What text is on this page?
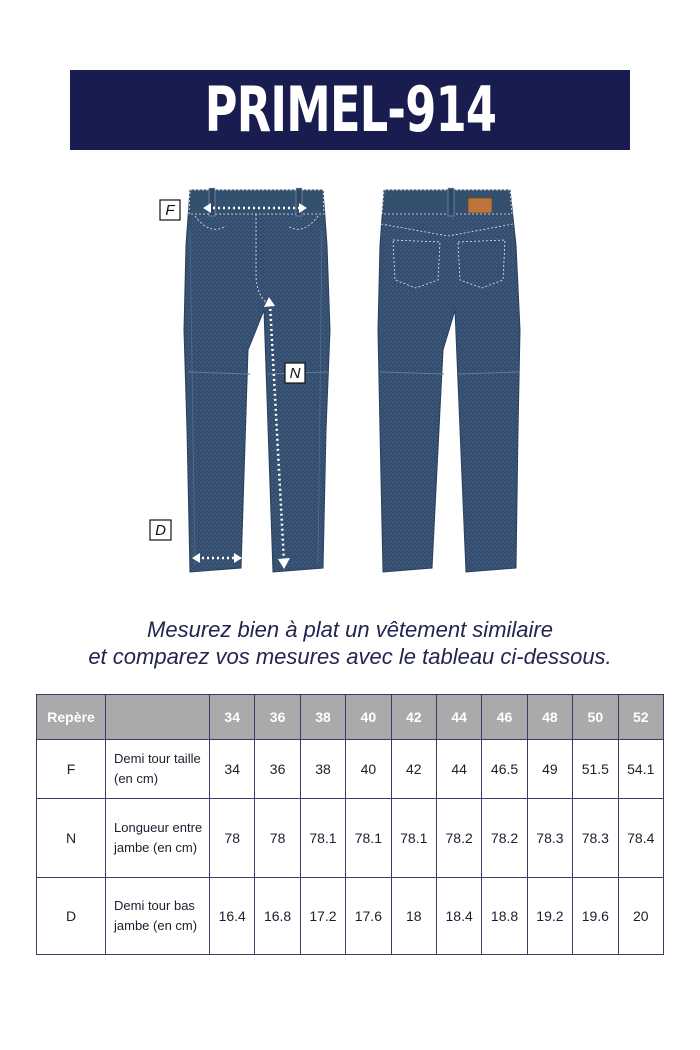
PRIMEL-914
F
N
D
Mesurez bien à plat un vêtement similaire
et comparez vos mesures avec le tableau ci-dessous.
Repère		34	36	38	40	42	44	46	48	50	52
F	Demi tour taille (en cm)	34	36	38	40	42	44	46.5	49	51.5	54.1
N	Longueur entre jambe (en cm)	78	78	78.1	78.1	78.1	78.2	78.2	78.3	78.3	78.4
D	Demi tour bas jambe (en cm)	16.4	16.8	17.2	17.6	18	18.4	18.8	19.2	19.6	20
